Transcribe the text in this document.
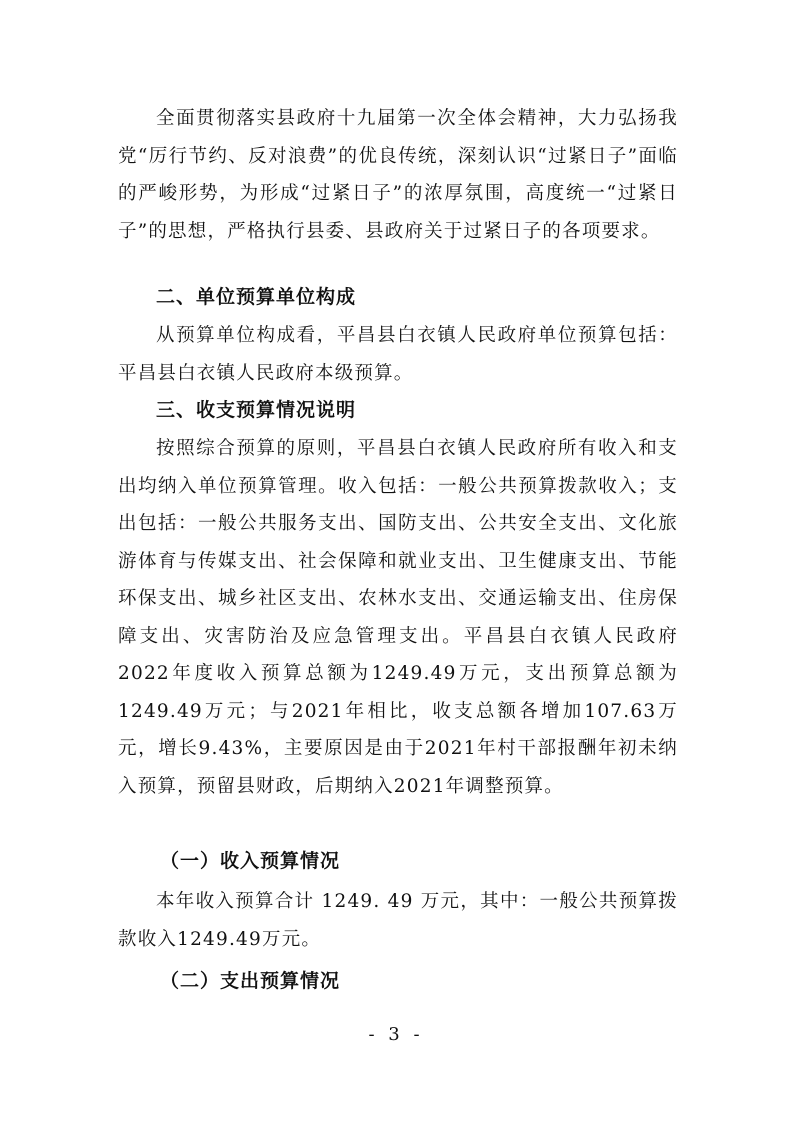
全面贯彻落实县政府十九届第一次全体会精神，大力弘扬我党“厉行节约、反对浪费”的优良传统，深刻认识“过紧日子”面临的严峻形势，为形成“过紧日子”的浓厚氛围，高度统一“过紧日子”的思想，严格执行县委、县政府关于过紧日子的各项要求。

二、单位预算单位构成

从预算单位构成看，平昌县白衣镇人民政府单位预算包括：平昌县白衣镇人民政府本级预算。

三、收支预算情况说明

按照综合预算的原则，平昌县白衣镇人民政府所有收入和支出均纳入单位预算管理。收入包括：一般公共预算拨款收入；支出包括：一般公共服务支出、国防支出、公共安全支出、文化旅游体育与传媒支出、社会保障和就业支出、卫生健康支出、节能环保支出、城乡社区支出、农林水支出、交通运输支出、住房保障支出、灾害防治及应急管理支出。平昌县白衣镇人民政府2022年度收入预算总额为1249.49万元，支出预算总额为1249.49万元；与2021年相比，收支总额各增加107.63万元，增长9.43%，主要原因是由于2021年村干部报酬年初未纳入预算，预留县财政，后期纳入2021年调整预算。

（一）收入预算情况

本年收入预算合计 1249. 49 万元，其中：一般公共预算拨款收入1249.49万元。

（二）支出预算情况
- 3 -
